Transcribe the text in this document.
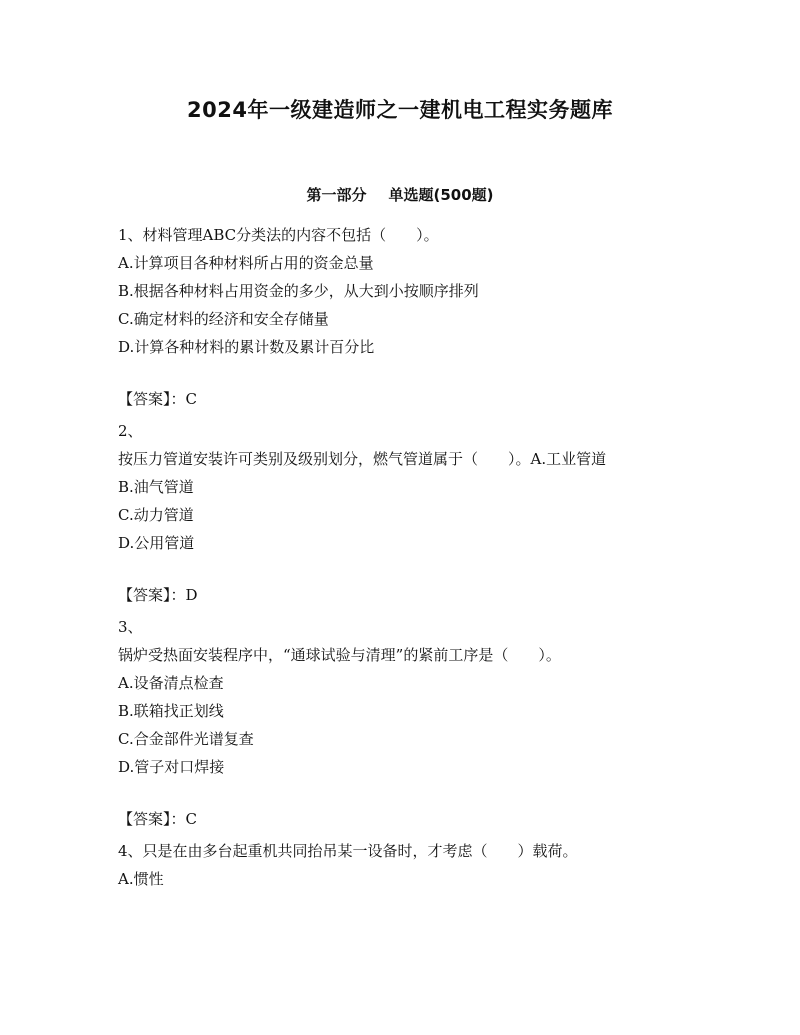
2024年一级建造师之一建机电工程实务题库
第一部分 单选题(500题)
1、材料管理ABC分类法的内容不包括（　　）。
A.计算项目各种材料所占用的资金总量
B.根据各种材料占用资金的多少，从大到小按顺序排列
C.确定材料的经济和安全存储量
D.计算各种材料的累计数及累计百分比
【答案】：C
2、
按压力管道安装许可类别及级别划分，燃气管道属于（　　）。A.工业管道
B.油气管道
C.动力管道
D.公用管道
【答案】：D
3、
锅炉受热面安装程序中，“通球试验与清理”的紧前工序是（　　）。
A.设备清点检查
B.联箱找正划线
C.合金部件光谱复查
D.管子对口焊接
【答案】：C
4、只是在由多台起重机共同抬吊某一设备时，才考虑（　　）载荷。
A.惯性
